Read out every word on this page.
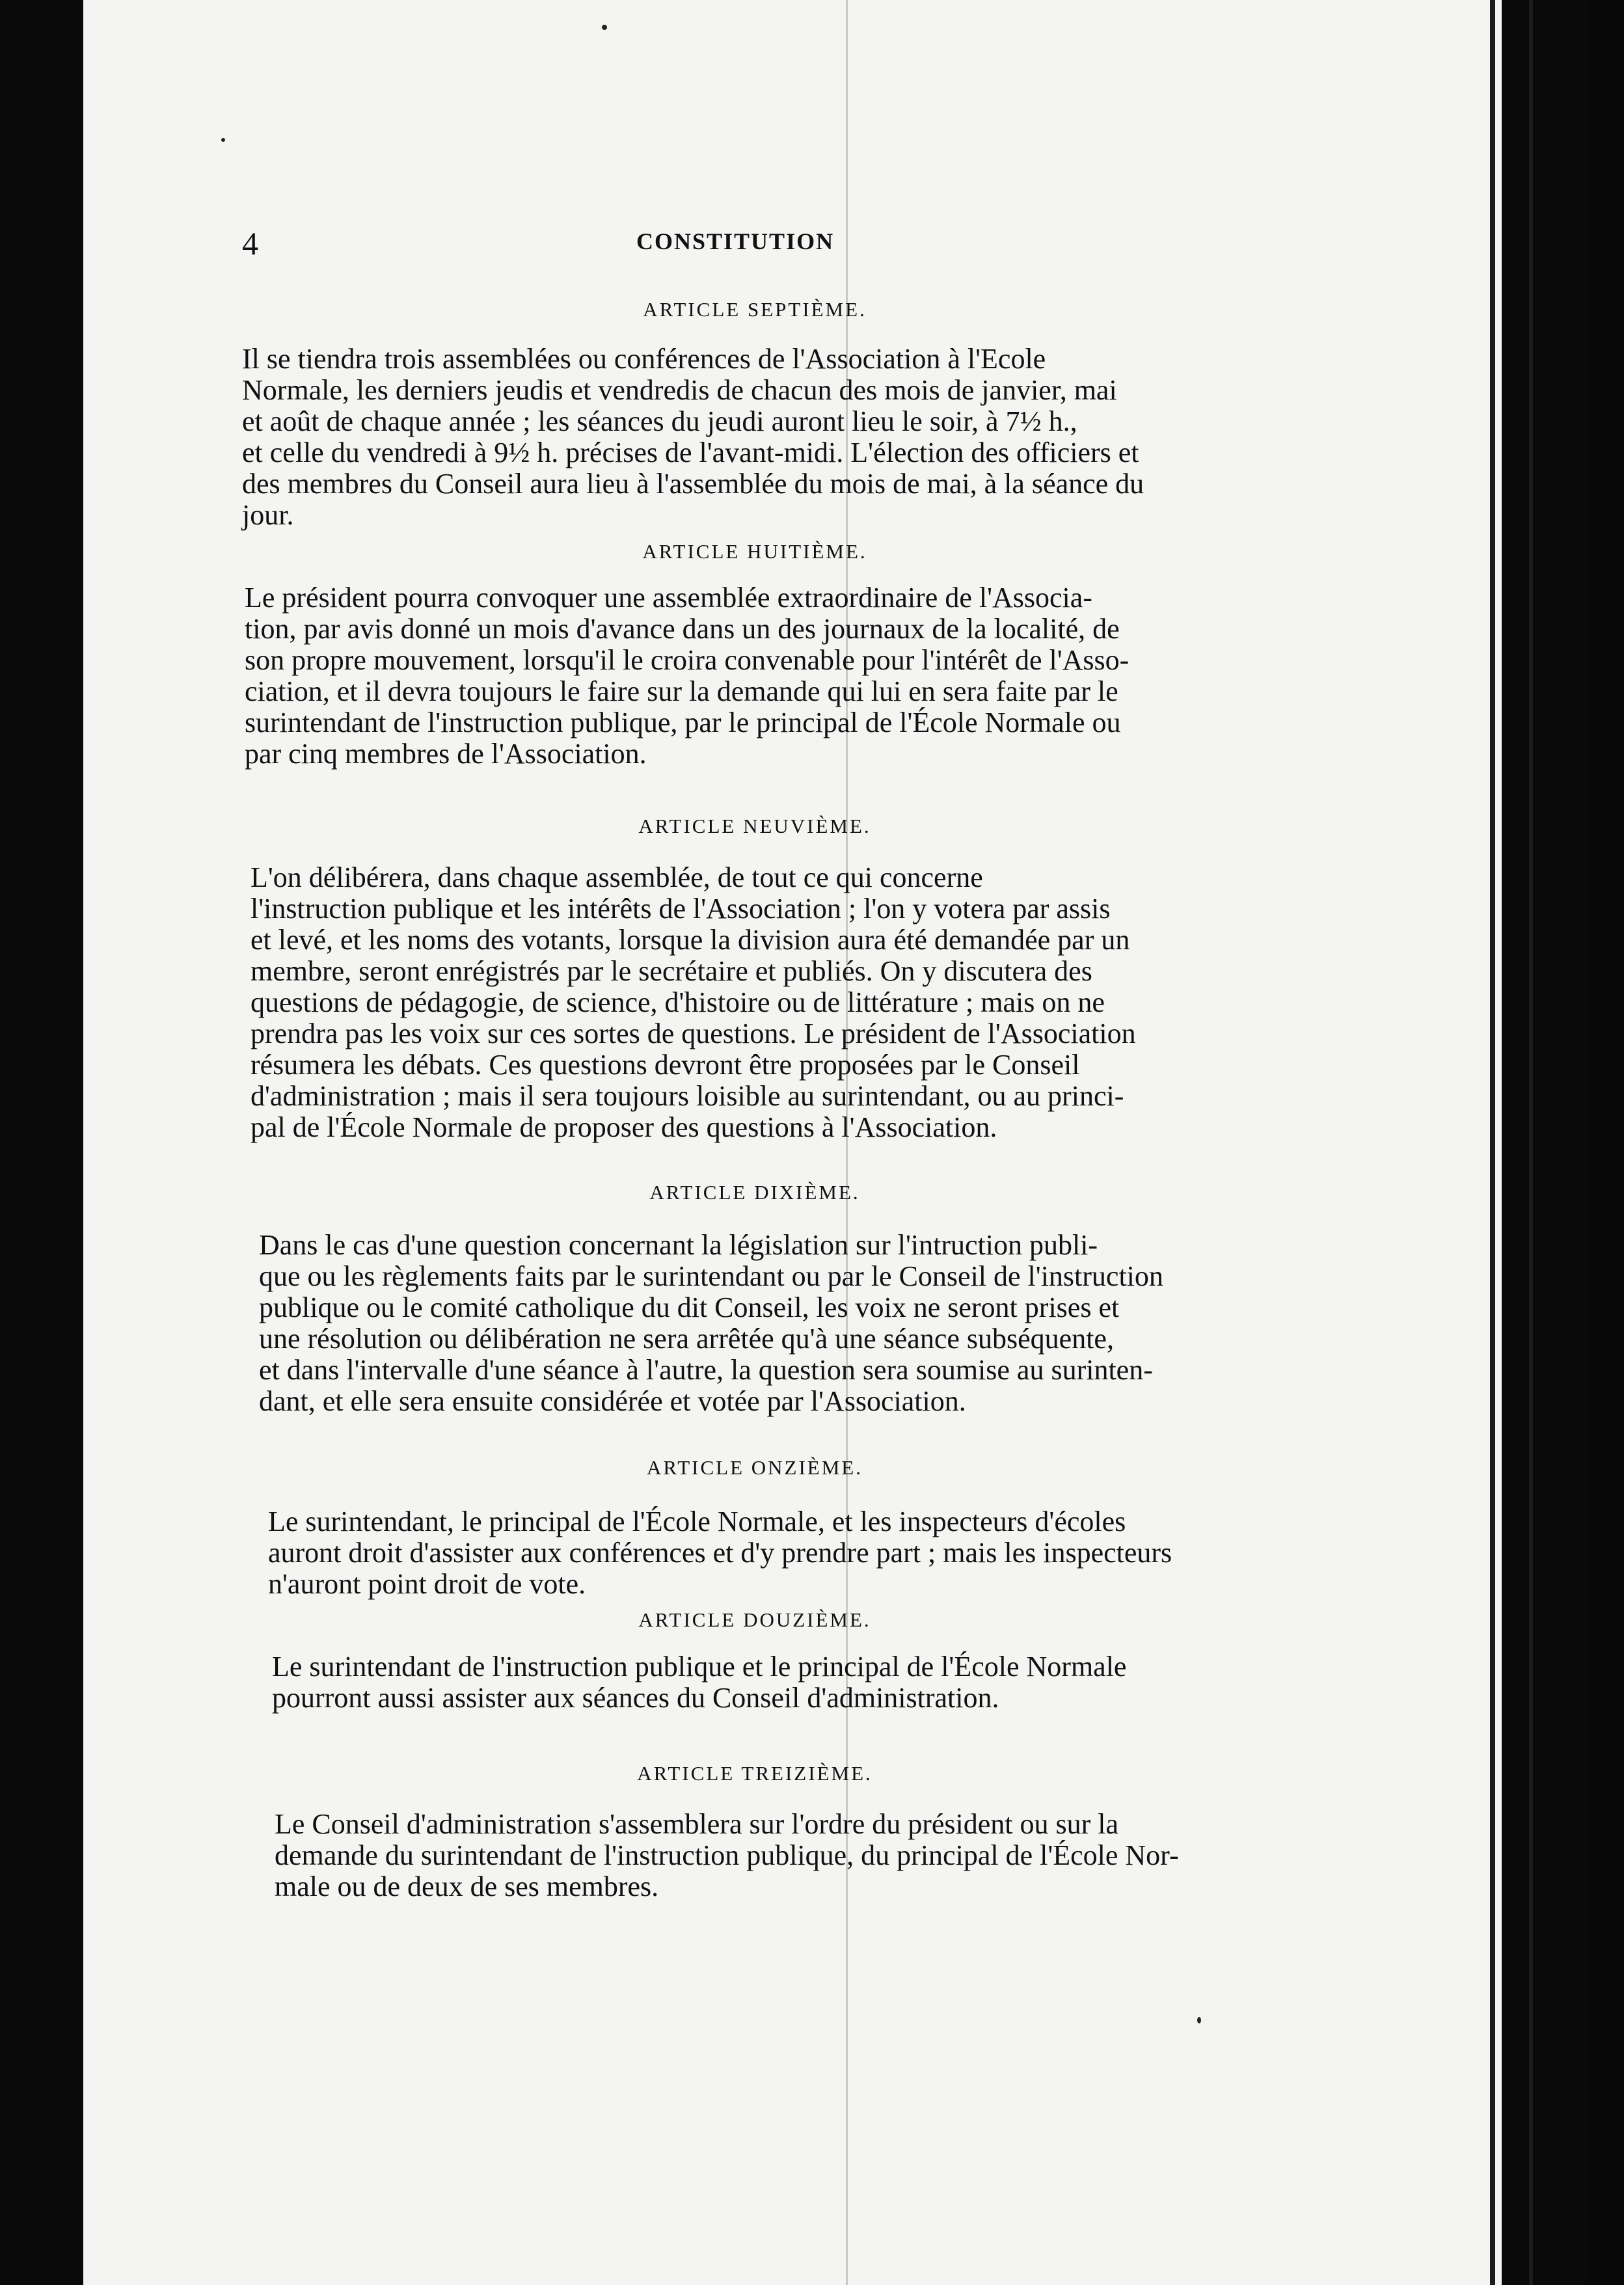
4	CONSTITUTION
ARTICLE SEPTIÈME.
Il se tiendra trois assemblées ou conférences de l'Association à l'Ecole
Normale, les derniers jeudis et vendredis de chacun des mois de janvier, mai
et août de chaque année ; les séances du jeudi auront lieu le soir, à 7½ h.,
et celle du vendredi à 9½ h. précises de l'avant-midi. L'élection des officiers et
des membres du Conseil aura lieu à l'assemblée du mois de mai, à la séance du
jour.
ARTICLE HUITIÈME.
Le président pourra convoquer une assemblée extraordinaire de l'Associa-
tion, par avis donné un mois d'avance dans un des journaux de la localité, de
son propre mouvement, lorsqu'il le croira convenable pour l'intérêt de l'Asso-
ciation, et il devra toujours le faire sur la demande qui lui en sera faite par le
surintendant de l'instruction publique, par le principal de l'École Normale ou
par cinq membres de l'Association.
ARTICLE NEUVIÈME.
L'on délibérera, dans chaque assemblée, de tout ce qui concerne
l'instruction publique et les intérêts de l'Association ; l'on y votera par assis
et levé, et les noms des votants, lorsque la division aura été demandée par un
membre, seront enrégistrés par le secrétaire et publiés. On y discutera des
questions de pédagogie, de science, d'histoire ou de littérature ; mais on ne
prendra pas les voix sur ces sortes de questions. Le président de l'Association
résumera les débats. Ces questions devront être proposées par le Conseil
d'administration ; mais il sera toujours loisible au surintendant, ou au princi-
pal de l'École Normale de proposer des questions à l'Association.
ARTICLE DIXIÈME.
Dans le cas d'une question concernant la législation sur l'intruction publi-
que ou les règlements faits par le surintendant ou par le Conseil de l'instruction
publique ou le comité catholique du dit Conseil, les voix ne seront prises et
une résolution ou délibération ne sera arrêtée qu'à une séance subséquente,
et dans l'intervalle d'une séance à l'autre, la question sera soumise au surinten-
dant, et elle sera ensuite considérée et votée par l'Association.
ARTICLE ONZIÈME.
Le surintendant, le principal de l'École Normale, et les inspecteurs d'écoles
auront droit d'assister aux conférences et d'y prendre part ; mais les inspecteurs
n'auront point droit de vote.
ARTICLE DOUZIÈME.
Le surintendant de l'instruction publique et le principal de l'École Normale
pourront aussi assister aux séances du Conseil d'administration.
ARTICLE TREIZIÈME.
Le Conseil d'administration s'assemblera sur l'ordre du président ou sur la
demande du surintendant de l'instruction publique, du principal de l'École Nor-
male ou de deux de ses membres.
